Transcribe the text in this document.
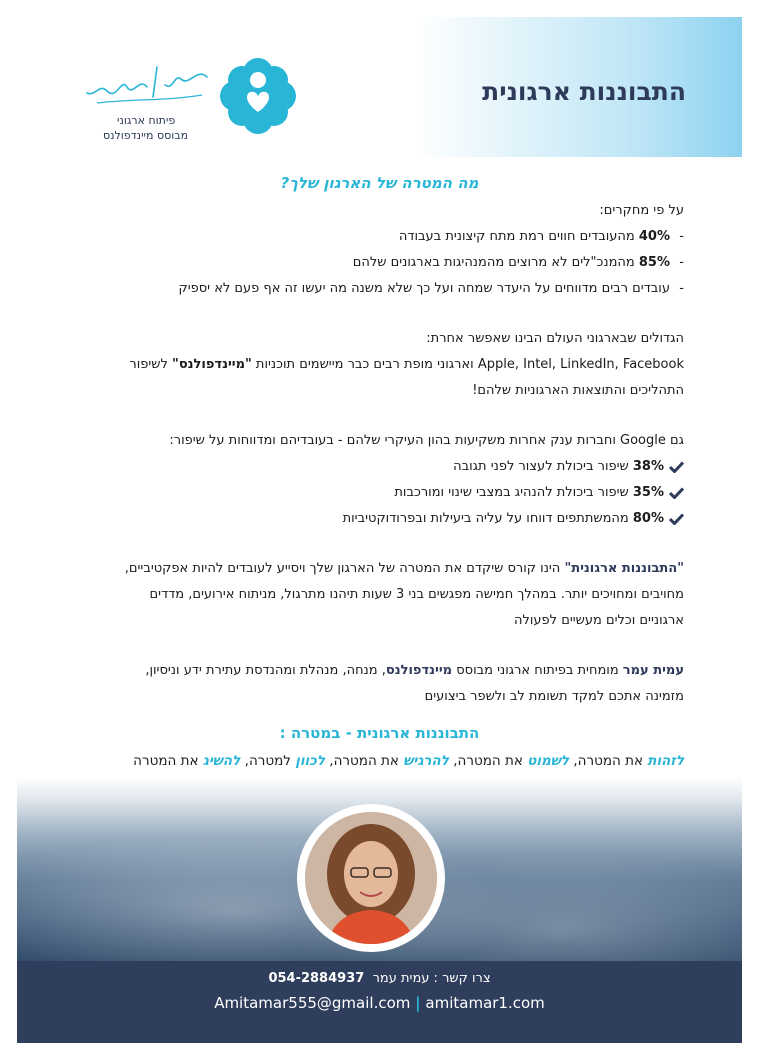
התבוננות ארגונית
פיתוח ארגוני
מבוסס מיינדפולנס
מה המטרה של הארגון שלך?

על פי מחקרים:

- 40% מהעובדים חווים רמת מתח קיצונית בעבודה

- 85% מהמנכ"לים לא מרוצים מהמנהיגות בארגונים שלהם

- עובדים רבים מדווחים על היעדר שמחה ועל כך שלא משנה מה יעשו זה אף פעם לא יספיק

הגדולים שבארגוני העולם הבינו שאפשר אחרת:

Apple, Intel, LinkedIn, Facebook וארגוני מופת רבים כבר מיישמים תוכניות "מיינדפולנס" לשיפור

התהליכים והתוצאות הארגוניות שלהם!

גם Google וחברות ענק אחרות משקיעות בהון העיקרי שלהם - בעובדיהם ומדווחות על שיפור:

38% שיפור ביכולת לעצור לפני תגובה

35% שיפור ביכולת להנהיג במצבי שינוי ומורכבות

80% מהמשתתפים דווחו על עליה ביעילות ובפרודוקטיביות

"התבוננות ארגונית" הינו קורס שיקדם את המטרה של הארגון שלך ויסייע לעובדים להיות אפקטיביים,

מחויבים ומחויכים יותר. במהלך חמישה מפגשים בני 3 שעות תיהנו מתרגול, מניתוח אירועים, מדדים

ארגוניים וכלים מעשיים לפעולה

עמית עמר מומחית בפיתוח ארגוני מבוסס מיינדפולנס, מנחה, מנהלת ומהנדסת עתירת ידע וניסיון,

מזמינה אתכם למקד תשומת לב ולשפר ביצועים

התבוננות ארגונית - במטרה :

לזהות את המטרה, לשמוט את המטרה, להרגיש את המטרה, לכוון למטרה, להשיג את המטרה

צרו קשר : עמית עמר  054-2884937
Amitamar555@gmail.com | amitamar1.com
